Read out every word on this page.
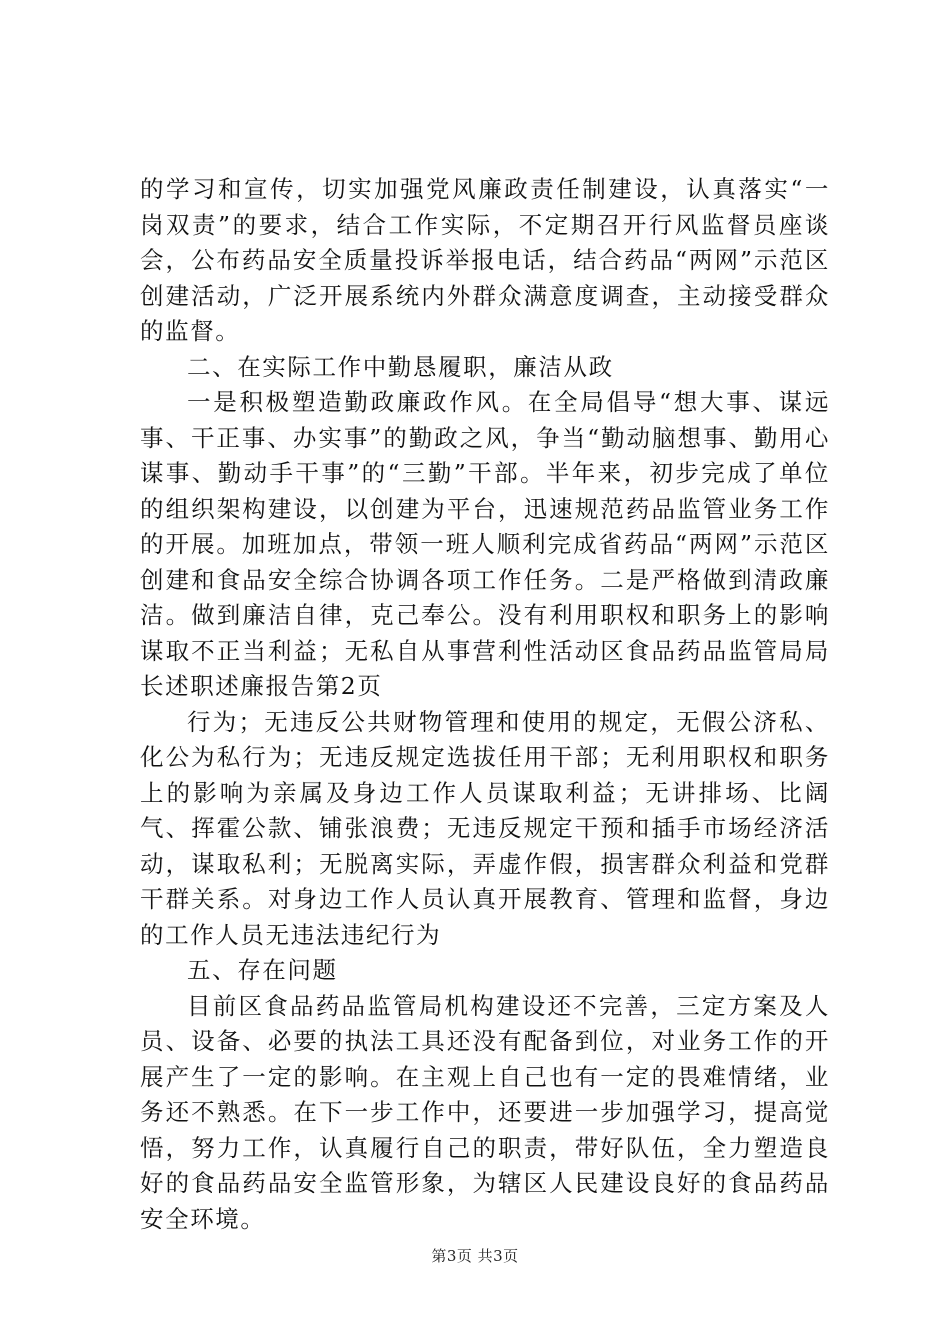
的学习和宣传，切实加强党风廉政责任制建设，认真落实“一岗双责”的要求，结合工作实际，不定期召开行风监督员座谈会，公布药品安全质量投诉举报电话，结合药品“两网”示范区创建活动，广泛开展系统内外群众满意度调查，主动接受群众的监督。

二、在实际工作中勤恳履职，廉洁从政

一是积极塑造勤政廉政作风。在全局倡导“想大事、谋远事、干正事、办实事”的勤政之风，争当“勤动脑想事、勤用心谋事、勤动手干事”的“三勤”干部。半年来，初步完成了单位的组织架构建设，以创建为平台，迅速规范药品监管业务工作的开展。加班加点，带领一班人顺利完成省药品“两网”示范区创建和食品安全综合协调各项工作任务。二是严格做到清政廉洁。做到廉洁自律，克己奉公。没有利用职权和职务上的影响谋取不正当利益；无私自从事营利性活动区食品药品监管局局长述职述廉报告第2页

行为；无违反公共财物管理和使用的规定，无假公济私、化公为私行为；无违反规定选拔任用干部；无利用职权和职务上的影响为亲属及身边工作人员谋取利益；无讲排场、比阔气、挥霍公款、铺张浪费；无违反规定干预和插手市场经济活动，谋取私利；无脱离实际，弄虚作假，损害群众利益和党群干群关系。对身边工作人员认真开展教育、管理和监督，身边的工作人员无违法违纪行为

五、存在问题

目前区食品药品监管局机构建设还不完善，三定方案及人员、设备、必要的执法工具还没有配备到位，对业务工作的开展产生了一定的影响。在主观上自己也有一定的畏难情绪，业务还不熟悉。在下一步工作中，还要进一步加强学习，提高觉悟，努力工作，认真履行自己的职责，带好队伍，全力塑造良好的食品药品安全监管形象，为辖区人民建设良好的食品药品安全环境。

第3页 共3页
